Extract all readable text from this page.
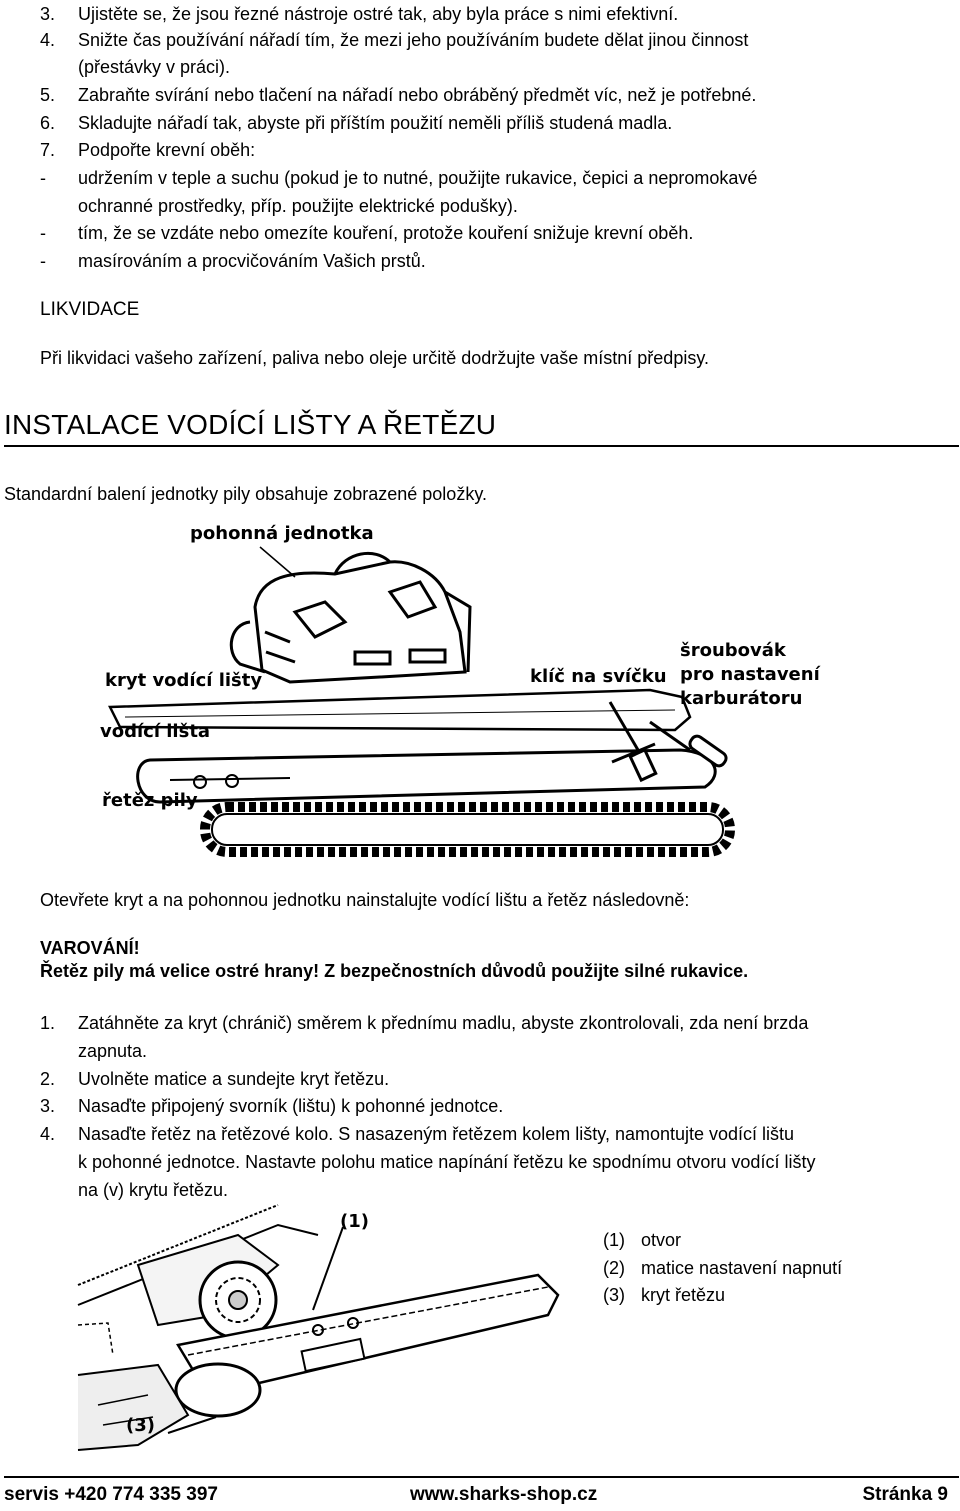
3. Ujistěte se, že jsou řezné nástroje ostré tak, aby byla práce s nimi efektivní.
4. Snižte čas používání nářadí tím, že mezi jeho používáním budete dělat jinou činnost
(přestávky v práci).
5. Zabraňte svírání nebo tlačení na nářadí nebo obráběný předmět víc, než je potřebné.
6. Skladujte nářadí tak, abyste při příštím použití neměli příliš studená madla.
7. Podpořte krevní oběh:
- udržením v teple a suchu (pokud je to nutné, použijte rukavice, čepici a nepromokavé
ochranné prostředky, příp. použijte elektrické podušky).
- tím, že se vzdáte nebo omezíte kouření, protože kouření snižuje krevní oběh.
- masírováním a procvičováním Vašich prstů.
LIKVIDACE
Při likvidaci vašeho zařízení, paliva nebo oleje určitě dodržujte vaše místní předpisy.
INSTALACE VODÍCÍ LIŠTY A ŘETĚZU
Standardní balení jednotky pily obsahuje zobrazené položky.
pohonná jednotka
kryt vodící lišty
vodící lišta
řetěz pily
klíč na svíčku
šroubovák
pro nastavení
karburátoru
Otevřete kryt a na pohonnou jednotku nainstalujte vodící lištu a řetěz následovně:
VAROVÁNÍ!
Řetěz pily má velice ostré hrany! Z bezpečnostních důvodů použijte silné rukavice.
1. Zatáhněte za kryt (chránič) směrem k přednímu madlu, abyste zkontrolovali, zda není brzda
zapnuta.
2. Uvolněte matice a sundejte kryt řetězu.
3. Nasaďte připojený svorník (lištu) k pohonné jednotce.
4. Nasaďte řetěz na řetězové kolo. S nasazeným řetězem kolem lišty, namontujte vodící lištu
k pohonné jednotce. Nastavte polohu matice napínání řetězu ke spodnímu otvoru vodící lišty
na (v) krytu řetězu.
(1)
(3)
(1) otvor
(2) matice nastavení napnutí
(3) kryt řetězu
servis +420 774 335 397	www.sharks-shop.cz	Stránka 9
